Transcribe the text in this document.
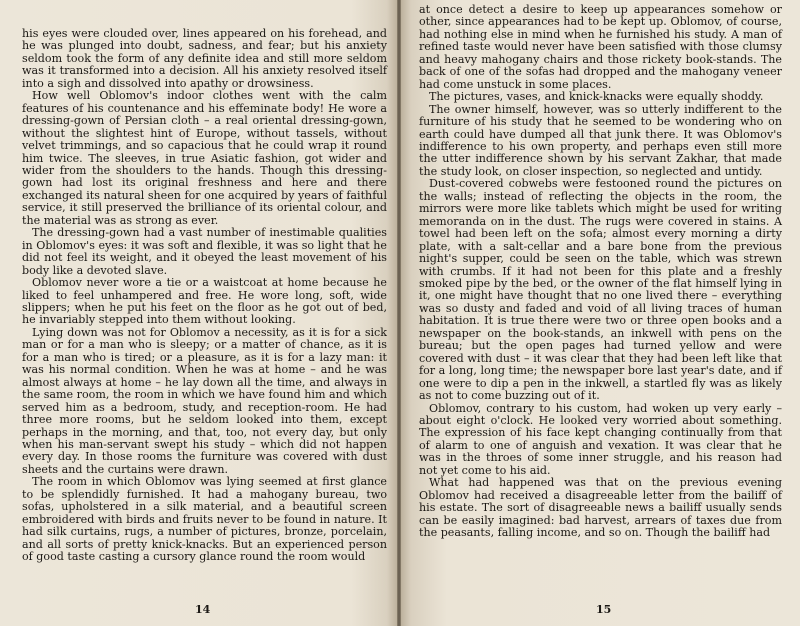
his eyes were clouded over, lines appeared on his forehead, and he was plunged into doubt, sadness, and fear; but his anxiety seldom took the form of any definite idea and still more seldom was it transformed into a decision. All his anxiety resolved itself into a sigh and dissolved into apathy or drowsiness.

How well Oblomov's indoor clothes went with the calm features of his countenance and his effeminate body! He wore a dressing-gown of Persian cloth – a real oriental dressing-gown, without the slightest hint of Europe, without tassels, without velvet trimmings, and so capacious that he could wrap it round him twice. The sleeves, in true Asiatic fashion, got wider and wider from the shoulders to the hands. Though this dressing-gown had lost its original freshness and here and there exchanged its natural sheen for one acquired by years of faithful service, it still preserved the brilliance of its oriental colour, and the material was as strong as ever.

The dressing-gown had a vast number of inestimable qualities in Oblomov's eyes: it was soft and flexible, it was so light that he did not feel its weight, and it obeyed the least movement of his body like a devoted slave.

Oblomov never wore a tie or a waistcoat at home because he liked to feel unhampered and free. He wore long, soft, wide slippers; when he put his feet on the floor as he got out of bed, he invariably stepped into them without looking.

Lying down was not for Oblomov a necessity, as it is for a sick man or for a man who is sleepy; or a matter of chance, as it is for a man who is tired; or a pleasure, as it is for a lazy man: it was his normal condition. When he was at home – and he was almost always at home – he lay down all the time, and always in the same room, the room in which we have found him and which served him as a bedroom, study, and reception-room. He had three more rooms, but he seldom looked into them, except perhaps in the morning, and that, too, not every day, but only when his man-servant swept his study – which did not happen every day. In those rooms the furniture was covered with dust sheets and the curtains were drawn.

The room in which Oblomov was lying seemed at first glance to be splendidly furnished. It had a mahogany bureau, two sofas, upholstered in a silk material, and a beautiful screen embroidered with birds and fruits never to be found in nature. It had silk curtains, rugs, a number of pictures, bronze, porcelain, and all sorts of pretty knick-knacks. But an experienced person of good taste casting a cursory glance round the room would

14

at once detect a desire to keep up appearances somehow or other, since appearances had to be kept up. Oblomov, of course, had nothing else in mind when he furnished his study. A man of refined taste would never have been satisfied with those clumsy and heavy mahogany chairs and those rickety book-stands. The back of one of the sofas had dropped and the mahogany veneer had come unstuck in some places.

The pictures, vases, and knick-knacks were equally shoddy.

The owner himself, however, was so utterly indifferent to the furniture of his study that he seemed to be wondering who on earth could have dumped all that junk there. It was Oblomov's indifference to his own property, and perhaps even still more the utter indifference shown by his servant Zakhar, that made the study look, on closer inspection, so neglected and untidy.

Dust-covered cobwebs were festooned round the pictures on the walls; instead of reflecting the objects in the room, the mirrors were more like tablets which might be used for writing memoranda on in the dust. The rugs were covered in stains. A towel had been left on the sofa; almost every morning a dirty plate, with a salt-cellar and a bare bone from the previous night's supper, could be seen on the table, which was strewn with crumbs. If it had not been for this plate and a freshly smoked pipe by the bed, or the owner of the flat himself lying in it, one might have thought that no one lived there – everything was so dusty and faded and void of all living traces of human habitation. It is true there were two or three open books and a newspaper on the book-stands, an inkwell with pens on the bureau; but the open pages had turned yellow and were covered with dust – it was clear that they had been left like that for a long, long time; the newspaper bore last year's date, and if one were to dip a pen in the inkwell, a startled fly was as likely as not to come buzzing out of it.

Oblomov, contrary to his custom, had woken up very early – about eight o'clock. He looked very worried about something. The expression of his face kept changing continually from that of alarm to one of anguish and vexation. It was clear that he was in the throes of some inner struggle, and his reason had not yet come to his aid.

What had happened was that on the previous evening Oblomov had received a disagreeable letter from the bailiff of his estate. The sort of disagreeable news a bailiff usually sends can be easily imagined: bad harvest, arrears of taxes due from the peasants, falling income, and so on. Though the bailiff had

15
